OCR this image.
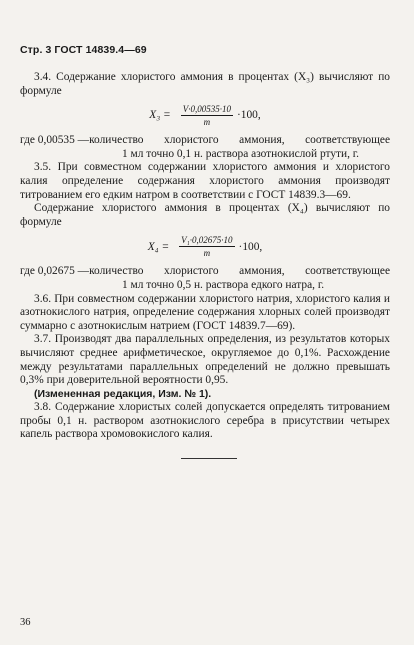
Стр. 3 ГОСТ 14839.4—69

3.4. Содержание хлористого аммония в процентах (X₃) вычисляют по формуле

$X_3 = \frac{V\cdot 0,00535\cdot 10}{m} \cdot 100$,
где 0,00535 — количество хлористого аммония, соответствующее

1 мл точно 0,1 н. раствора азотнокислой ртути, г.

3.5. При совместном содержании хлористого аммония и хлористого калия определение содержания хлористого аммония производят титрованием его едким натром в соответствии с ГОСТ 14839.3—69.

Содержание хлористого аммония в процентах (X₄) вычисляют по формуле

$X_4 = \frac{\text{V₁·0,02675·10}}{m} \cdot 100$,
где 0,02675 — количество хлористого аммония, соответствующее

1 мл точно 0,5 н. раствора едкого натра, г.

3.6. При совместном содержании хлористого натрия, хлористого калия и азотнокислого натрия, определение содержания хлорных солей производят суммарно с азотнокислым натрием (ГОСТ 14839.7—69).

3.7. Производят два параллельных определения, из результатов которых вычисляют среднее арифметическое, округляемое до 0,1%. Расхождение между результатами параллельных определений не должно превышать 0,3% при доверительной вероятности 0,95.

(Измененная редакция, Изм. № 1).

3.8. Содержание хлористых солей допускается определять титрованием пробы 0,1 н. раствором азотнокислого серебра в присутствии четырех капель раствора хромовокислого калия.

36
